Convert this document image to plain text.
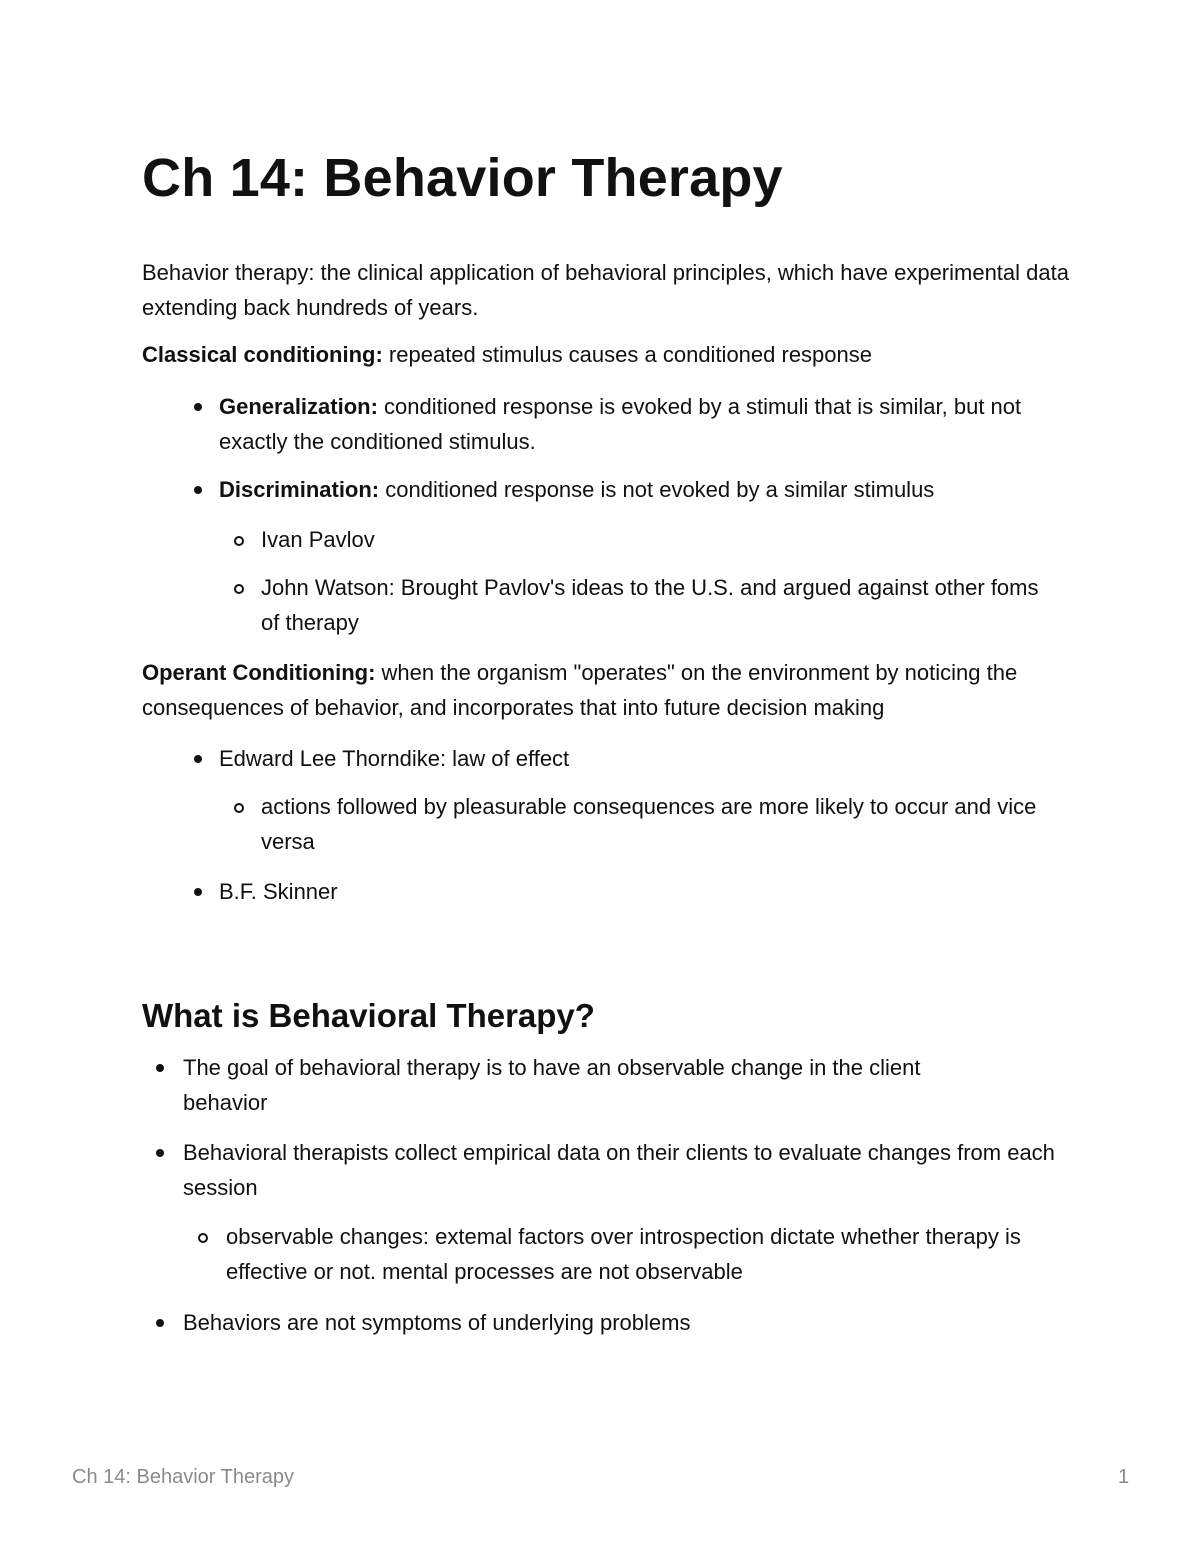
Ch 14: Behavior Therapy

Behavior therapy: the clinical application of behavioral principles, which have experimental data extending back hundreds of years.

Classical conditioning: repeated stimulus causes a conditioned response

Generalization: conditioned response is evoked by a stimuli that is similar, but not exactly the conditioned stimulus.

Discrimination: conditioned response is not evoked by a similar stimulus

Ivan Pavlov

John Watson: Brought Pavlov's ideas to the U.S. and argued against other foms of therapy

Operant Conditioning: when the organism "operates" on the environment by noticing the consequences of behavior, and incorporates that into future decision making

Edward Lee Thorndike: law of effect

actions followed by pleasurable consequences are more likely to occur and vice versa

B.F. Skinner

What is Behavioral Therapy?

The goal of behavioral therapy is to have an observable change in the client behavior

Behavioral therapists collect empirical data on their clients to evaluate changes from each session

observable changes: extemal factors over introspection dictate whether therapy is effective or not. mental processes are not observable

Behaviors are not symptoms of underlying problems

Ch 14: Behavior Therapy	1
